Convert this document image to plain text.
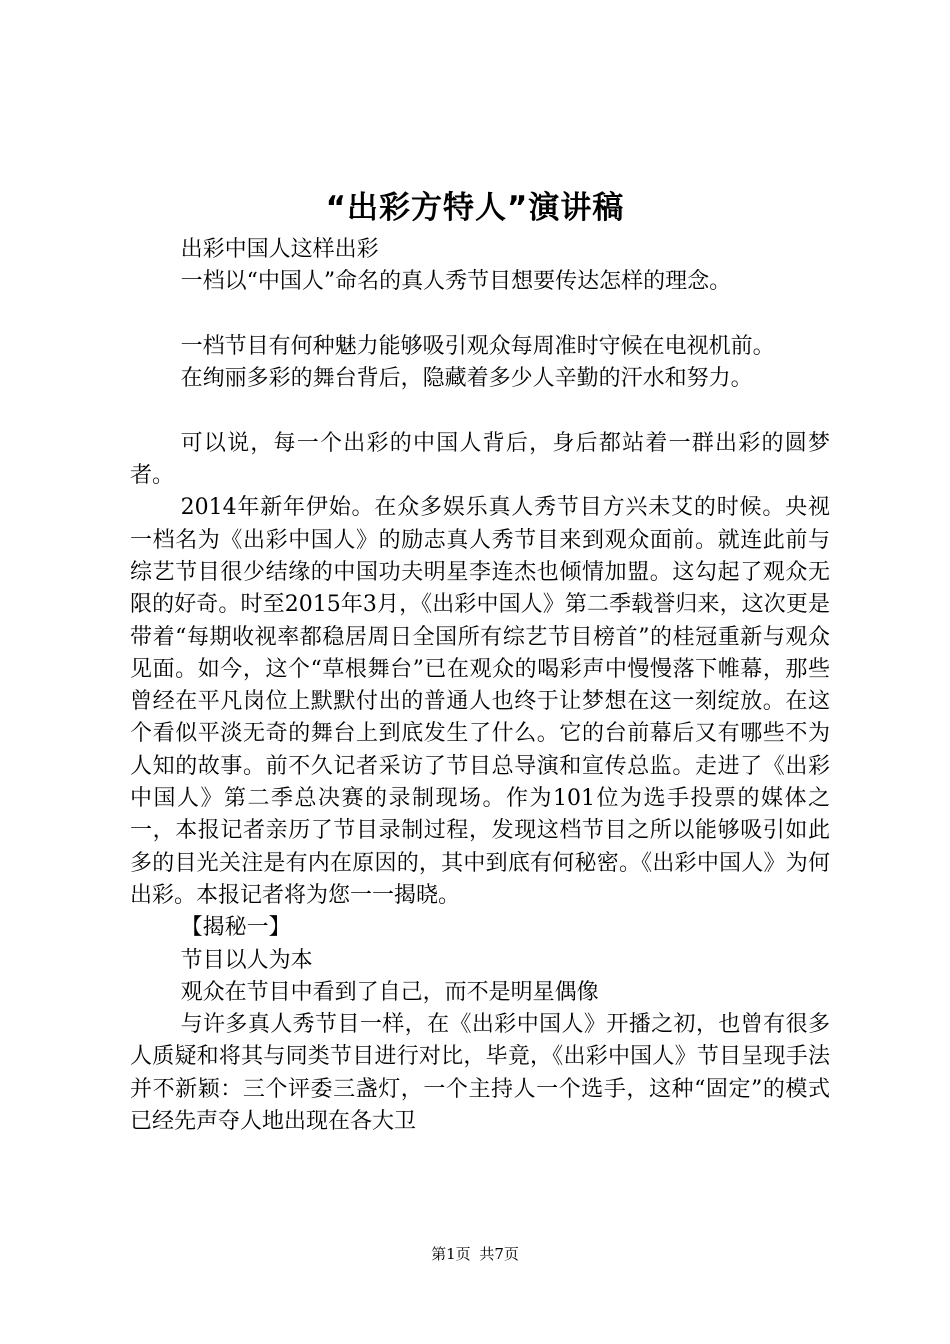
“出彩方特人”演讲稿

出彩中国人这样出彩

一档以“中国人”命名的真人秀节目想要传达怎样的理念。

一档节目有何种魅力能够吸引观众每周准时守候在电视机前。

在绚丽多彩的舞台背后，隐藏着多少人辛勤的汗水和努力。

可以说，每一个出彩的中国人背后，身后都站着一群出彩的圆梦者。

2014年新年伊始。在众多娱乐真人秀节目方兴未艾的时候。央视一档名为《出彩中国人》的励志真人秀节目来到观众面前。就连此前与综艺节目很少结缘的中国功夫明星李连杰也倾情加盟。这勾起了观众无限的好奇。时至2015年3月，《出彩中国人》第二季载誉归来，这次更是带着“每期收视率都稳居周日全国所有综艺节目榜首”的桂冠重新与观众见面。如今，这个“草根舞台”已在观众的喝彩声中慢慢落下帷幕，那些曾经在平凡岗位上默默付出的普通人也终于让梦想在这一刻绽放。在这个看似平淡无奇的舞台上到底发生了什么。它的台前幕后又有哪些不为人知的故事。前不久记者采访了节目总导演和宣传总监。走进了《出彩中国人》第二季总决赛的录制现场。作为101位为选手投票的媒体之一，本报记者亲历了节目录制过程，发现这档节目之所以能够吸引如此多的目光关注是有内在原因的，其中到底有何秘密。《出彩中国人》为何出彩。本报记者将为您一一揭晓。

【揭秘一】

节目以人为本

观众在节目中看到了自己，而不是明星偶像

与许多真人秀节目一样，在《出彩中国人》开播之初，也曾有很多人质疑和将其与同类节目进行对比，毕竟，《出彩中国人》节目呈现手法并不新颖：三个评委三盏灯，一个主持人一个选手，这种“固定”的模式已经先声夺人地出现在各大卫

第1页 共7页
